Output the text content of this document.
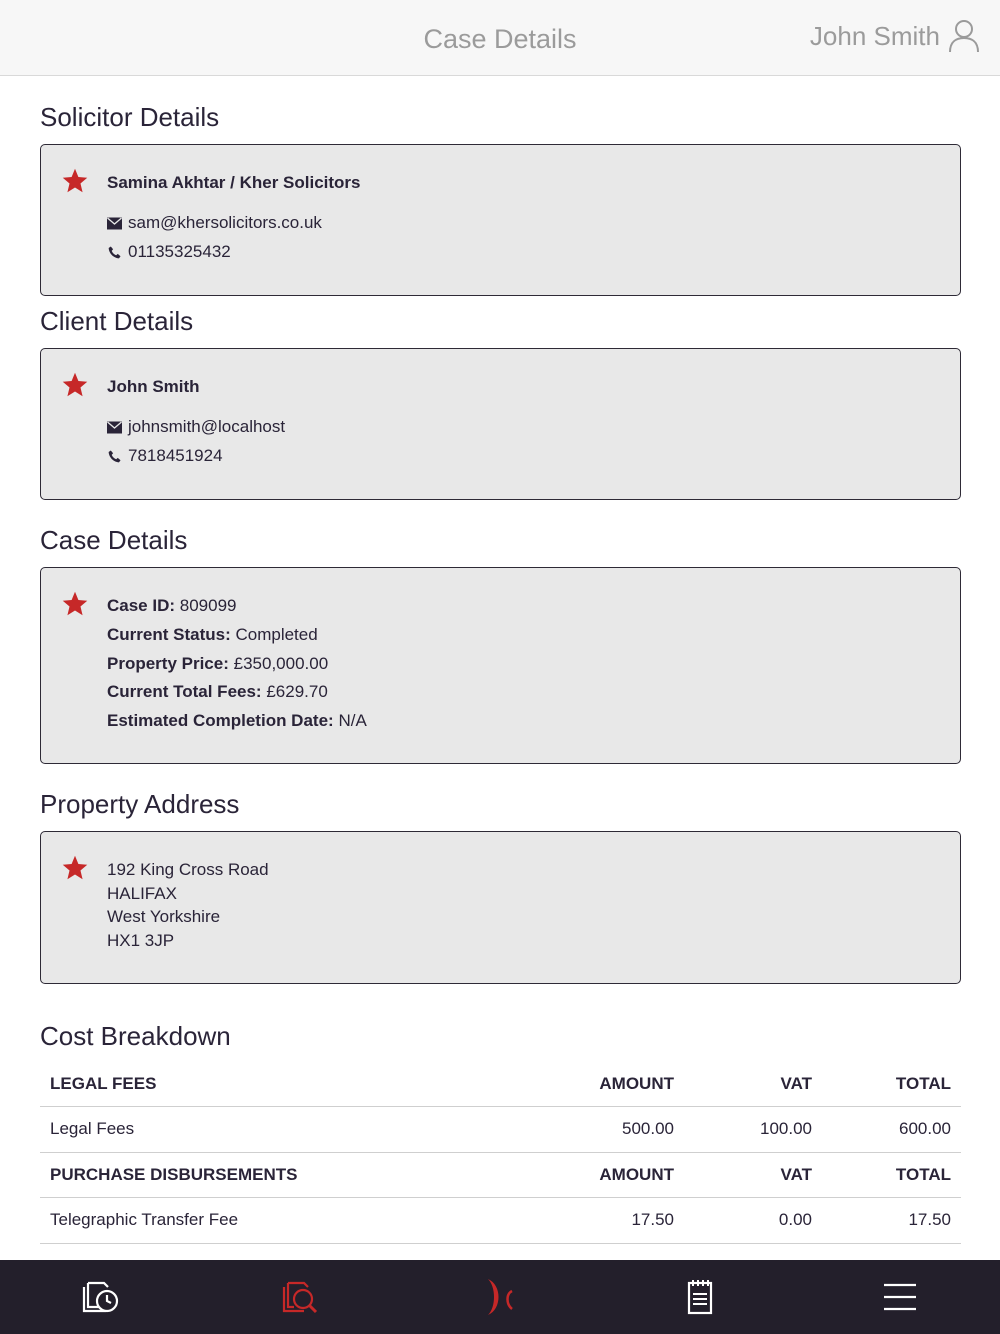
Case Details	John Smith
Solicitor Details
Samina Akhtar / Kher Solicitors
sam@khersolicitors.co.uk
01135325432
Client Details
John Smith
johnsmith@localhost
7818451924
Case Details
Case ID: 809099
Current Status: Completed
Property Price: £350,000.00
Current Total Fees: £629.70
Estimated Completion Date: N/A
Property Address
192 King Cross Road
HALIFAX
West Yorkshire
HX1 3JP
Cost Breakdown
LEGAL FEES	AMOUNT	VAT	TOTAL
Legal Fees	500.00	100.00	600.00
PURCHASE DISBURSEMENTS	AMOUNT	VAT	TOTAL
Telegraphic Transfer Fee	17.50	0.00	17.50
